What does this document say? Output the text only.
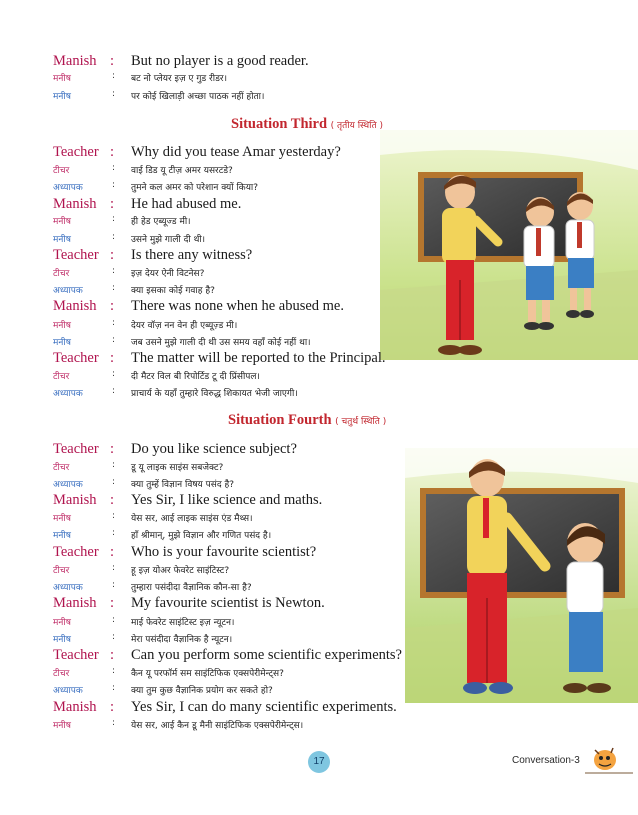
Manish : But no player is a good reader.
मनीष	: बट नो प्लेयर इज़ ए गुड रीडर।
मनीष	: पर कोई खिलाड़ी अच्छा पाठक नहीं होता।
Situation Third ( तृतीय स्थिति )
Teacher : Why did you tease Amar yesterday?
टीचर	: वाई डिड यू टीज़ अमर यसरटडे?
अध्यापक	: तुमने कल अमर को परेशान क्यों किया?
Manish : He had abused me.
मनीष	: ही हेड एब्यूज्ड मी।
मनीष	: उसने मुझे गाली दी थी।
Teacher : Is there any witness?
टीचर	: इज़ देयर ऐनी विटनेस?
अध्यापक	: क्या इसका कोई गवाह है?
Manish : There was none when he abused me.
मनीष	: देयर वॉज़ नन वेन ही एब्यूज़्ड मी।
मनीष	: जब उसने मुझे गाली दी थी उस समय वहाँ कोई नहीं था।
Teacher : The matter will be reported to the Principal.
टीचर	: दी मैटर विल बी रिपोर्टिड टू दी प्रिंसीपल।
अध्यापक	: प्राचार्य के यहाँ तुम्हारे विरुद्ध शिकायत भेजी जाएगी।
Situation Fourth ( चतुर्थ स्थिति )
Teacher : Do you like science subject?
टीचर	: डू यू लाइक साइंस सबजेक्ट?
अध्यापक	: क्या तुम्हें विज्ञान विषय पसंद है?
Manish : Yes Sir, I like science and maths.
मनीष	: येस सर, आई लाइक साइंस एंड मैथ्स।
मनीष	: हाँ श्रीमान्, मुझे विज्ञान और गणित पसंद है।
Teacher : Who is your favourite scientist?
टीचर	: हू इज़ योअर फेवरेट साइंटिस्ट?
अध्यापक	: तुम्हारा पसंदीदा वैज्ञानिक कौन-सा है?
Manish : My favourite scientist is Newton.
मनीष	: माई फेवरेट साइंटिस्ट इज़ न्यूटन।
मनीष	: मेरा पसंदीदा वैज्ञानिक है न्यूटन।
Teacher : Can you perform some scientific experiments?
टीचर	: कैन यू परफॉर्म सम साइंटिफिक एक्सपेरीमेन्ट्स?
अध्यापक	: क्या तुम कुछ वैज्ञानिक प्रयोग कर सकते हो?
Manish : Yes Sir, I can do many scientific experiments.
मनीष	: येस सर, आई कैन डू मैनी साइंटिफिक एक्सपेरीमेन्ट्स।
17	Conversation-3
